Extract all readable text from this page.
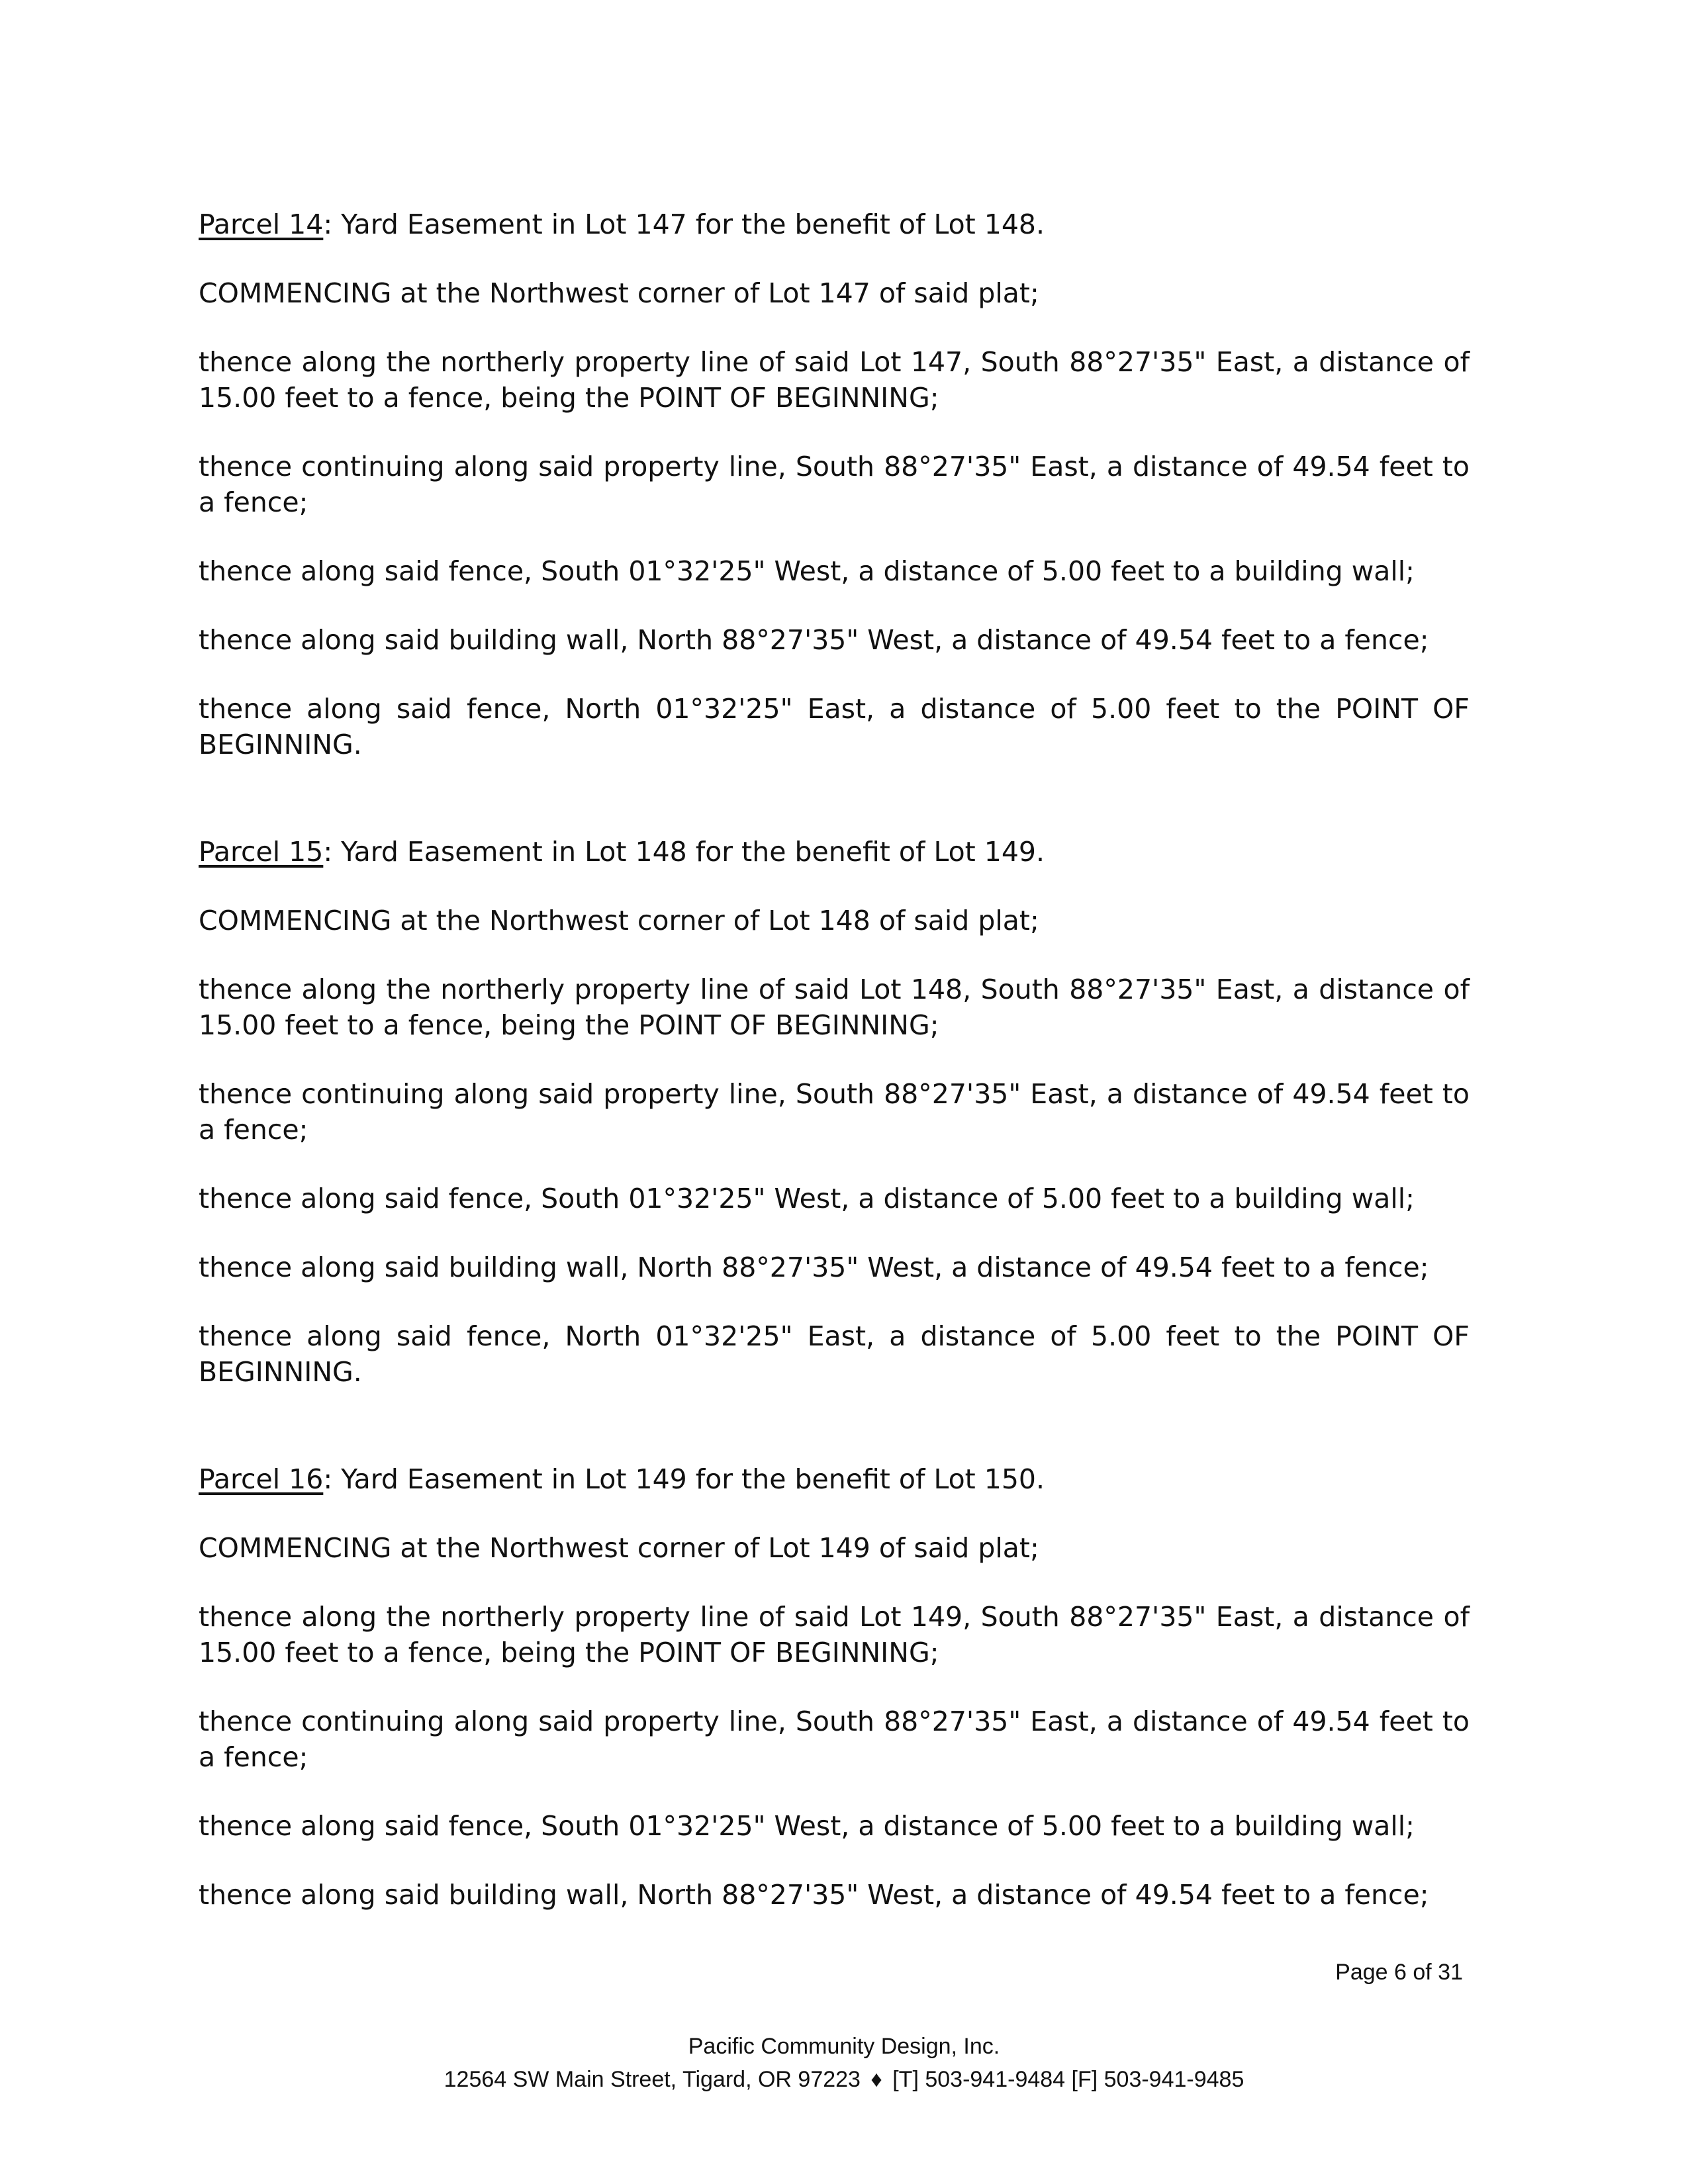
Parcel 14: Yard Easement in Lot 147 for the benefit of Lot 148.

COMMENCING at the Northwest corner of Lot 147 of said plat;

thence along the northerly property line of said Lot 147, South 88°27'35" East, a distance of 15.00 feet to a fence, being the POINT OF BEGINNING;

thence continuing along said property line, South 88°27'35" East, a distance of 49.54 feet to a fence;

thence along said fence, South 01°32'25" West, a distance of 5.00 feet to a building wall;

thence along said building wall, North 88°27'35" West, a distance of 49.54 feet to a fence;

thence along said fence, North 01°32'25" East, a distance of 5.00 feet to the POINT OF BEGINNING.

Parcel 15: Yard Easement in Lot 148 for the benefit of Lot 149.

COMMENCING at the Northwest corner of Lot 148 of said plat;

thence along the northerly property line of said Lot 148, South 88°27'35" East, a distance of 15.00 feet to a fence, being the POINT OF BEGINNING;

thence continuing along said property line, South 88°27'35" East, a distance of 49.54 feet to a fence;

thence along said fence, South 01°32'25" West, a distance of 5.00 feet to a building wall;

thence along said building wall, North 88°27'35" West, a distance of 49.54 feet to a fence;

thence along said fence, North 01°32'25" East, a distance of 5.00 feet to the POINT OF BEGINNING.

Parcel 16: Yard Easement in Lot 149 for the benefit of Lot 150.

COMMENCING at the Northwest corner of Lot 149 of said plat;

thence along the northerly property line of said Lot 149, South 88°27'35" East, a distance of 15.00 feet to a fence, being the POINT OF BEGINNING;

thence continuing along said property line, South 88°27'35" East, a distance of 49.54 feet to a fence;

thence along said fence, South 01°32'25" West, a distance of 5.00 feet to a building wall;

thence along said building wall, North 88°27'35" West, a distance of 49.54 feet to a fence;

Page 6 of 31
Pacific Community Design, Inc.
12564 SW Main Street, Tigard, OR 97223 ♦ [T] 503-941-9484 [F] 503-941-9485
